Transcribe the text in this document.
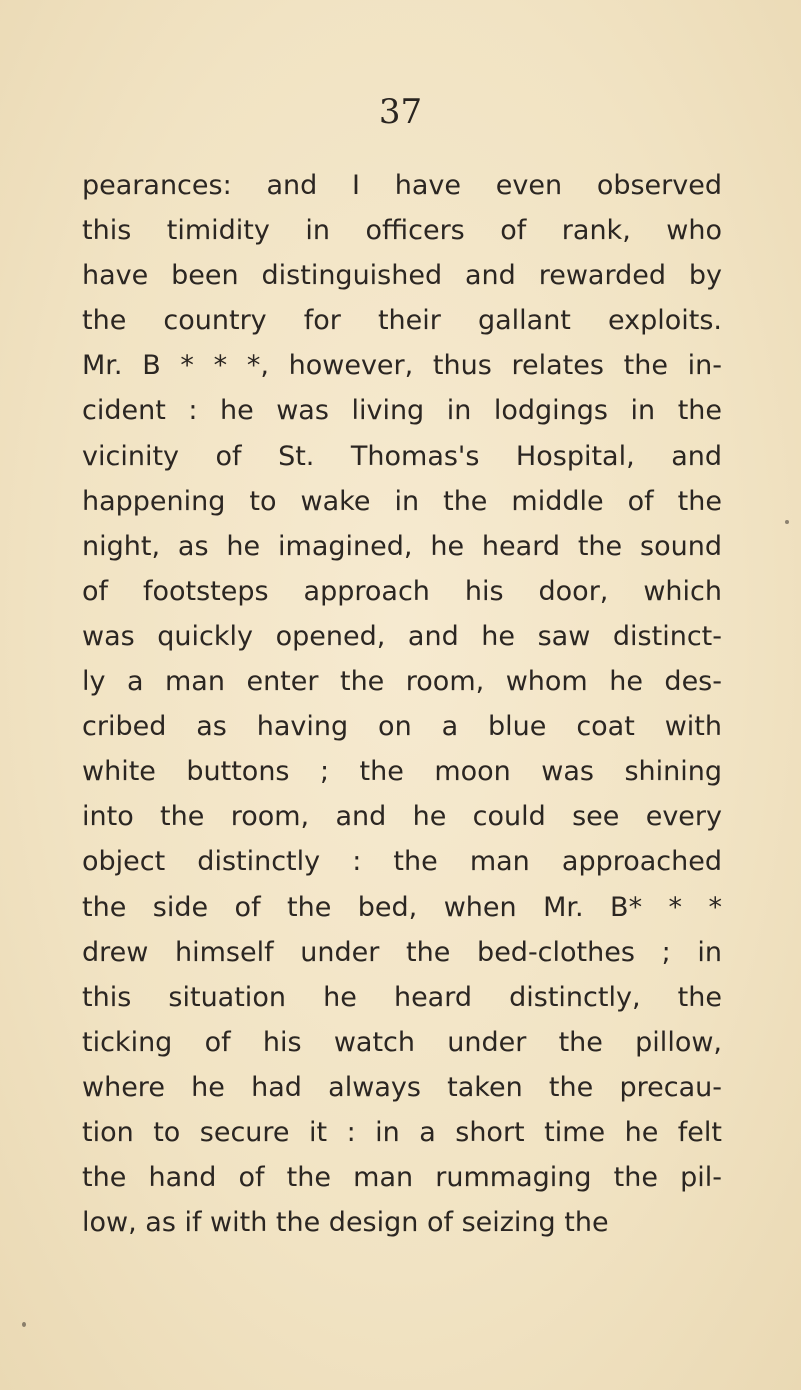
37

pearances: and I have even observed
this timidity in officers of rank, who
have been distinguished and rewarded by
the country for their gallant exploits.
Mr. B * * *, however, thus relates the in-
cident : he was living in lodgings in the
vicinity of St. Thomas's Hospital, and
happening to wake in the middle of the
night, as he imagined, he heard the sound
of footsteps approach his door, which
was quickly opened, and he saw distinct-
ly a man enter the room, whom he des-
cribed as having on a blue coat with
white buttons ; the moon was shining
into the room, and he could see every
object distinctly : the man approached
the side of the bed, when Mr. B* * *
drew himself under the bed-clothes ; in
this situation he heard distinctly, the
ticking of his watch under the pillow,
where he had always taken the precau-
tion to secure it : in a short time he felt
the hand of the man rummaging the pil-
low, as if with the design of seizing the
